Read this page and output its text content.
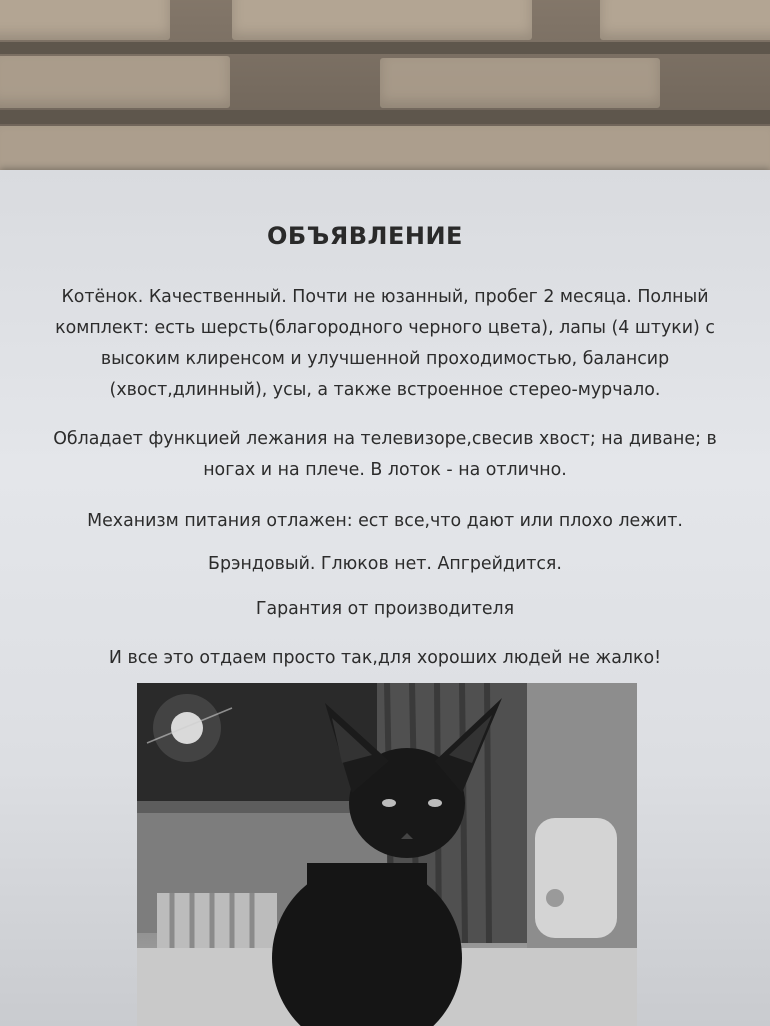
ОБЪЯВЛЕНИЕ
Котёнок. Качественный. Почти не юзанный, пробег 2 месяца. Полный комплект: есть шерсть(благородного черного цвета), лапы (4 штуки) с высоким клиренсом и улучшенной проходимостью, балансир (хвост,длинный), усы, а также встроенное стерео-мурчало.
Обладает функцией лежания на телевизоре,свесив хвост; на диване; в ногах и на плече. В лоток - на отлично.
Механизм питания отлажен: ест все,что дают или плохо лежит.
Брэндовый. Глюков нет. Апгрейдится.
Гарантия от производителя
И все это отдаем просто так,для хороших людей не жалко!
